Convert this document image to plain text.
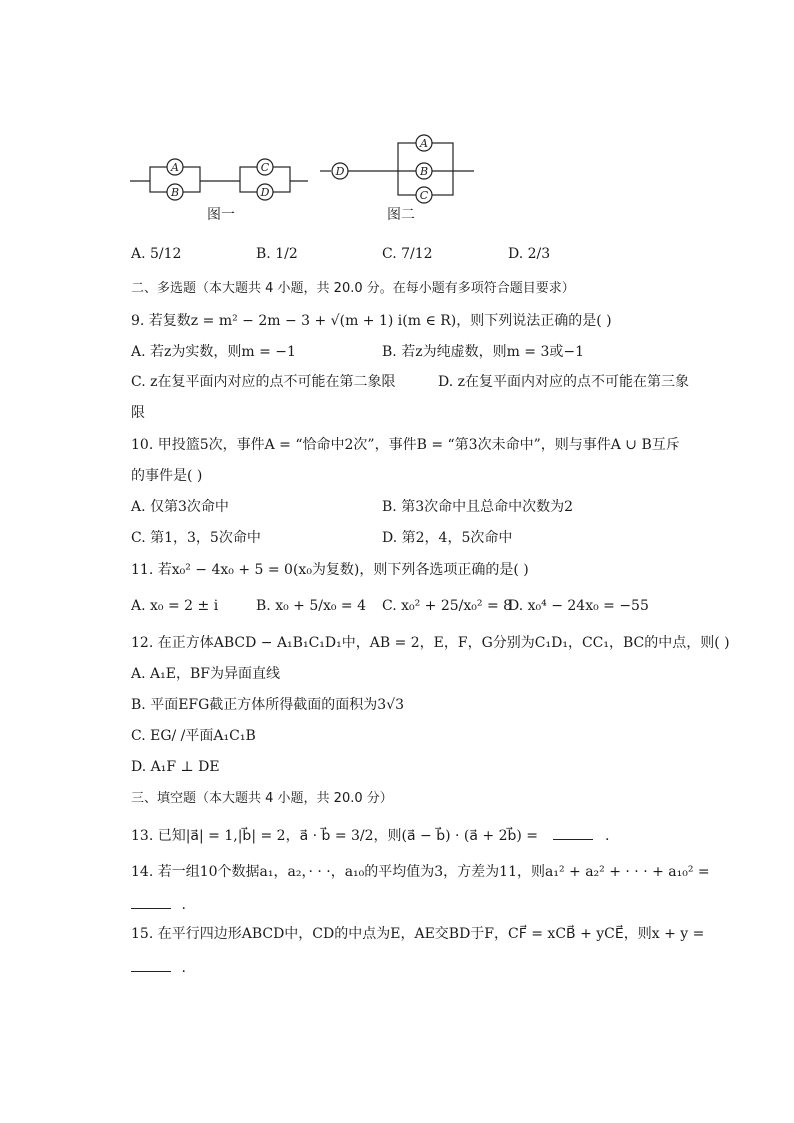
A
B
C
D
D
A
B
C
图一	图二
A. 5/12	B. 1/2	C. 7/12	D. 2/3
二、多选题（本大题共 4 小题，共 20.0 分。在每小题有多项符合题目要求）
9. 若复数z = m² − 2m − 3 + √(m + 1) i(m ∈ R)，则下列说法正确的是( )
A. 若z为实数，则m = −1	B. 若z为纯虚数，则m = 3或−1
C. z在复平面内对应的点不可能在第二象限	D. z在复平面内对应的点不可能在第三象
限
10. 甲投篮5次，事件A = “恰命中2次”，事件B = “第3次未命中”，则与事件A ∪ B互斥
的事件是( )
A. 仅第3次命中	B. 第3次命中且总命中次数为2
C. 第1，3，5次命中	D. 第2，4，5次命中
11. 若x₀² − 4x₀ + 5 = 0(x₀为复数)，则下列各选项正确的是( )
A. x₀ = 2 ± i	B. x₀ + 5/x₀ = 4 C. x₀² + 25/x₀² = 8
D. x₀⁴ − 24x₀ = −55
12. 在正方体ABCD − A₁B₁C₁D₁中，AB = 2，E，F，G分别为C₁D₁，CC₁，BC的中点，则( )
A. A₁E，BF为异面直线
B. 平面EFG截正方体所得截面的面积为3√3
C. EG/ /平面A₁C₁B
D. A₁F ⊥ DE
三、填空题（本大题共 4 小题，共 20.0 分）
13. 已知|a⃗| = 1,|b⃗| = 2，a⃗ · b⃗ = 3/2，则(a⃗ − b⃗) · (a⃗ + 2b⃗) =	.
14. 若一组10个数据a₁，a₂，· · ·，a₁₀的平均值为3，方差为11，则a₁² + a₂² + · · · + a₁₀² =
.
15. 在平行四边形ABCD中，CD的中点为E，AE交BD于F，CF⃗ = xCB⃗ + yCE⃗，则x + y =
.
